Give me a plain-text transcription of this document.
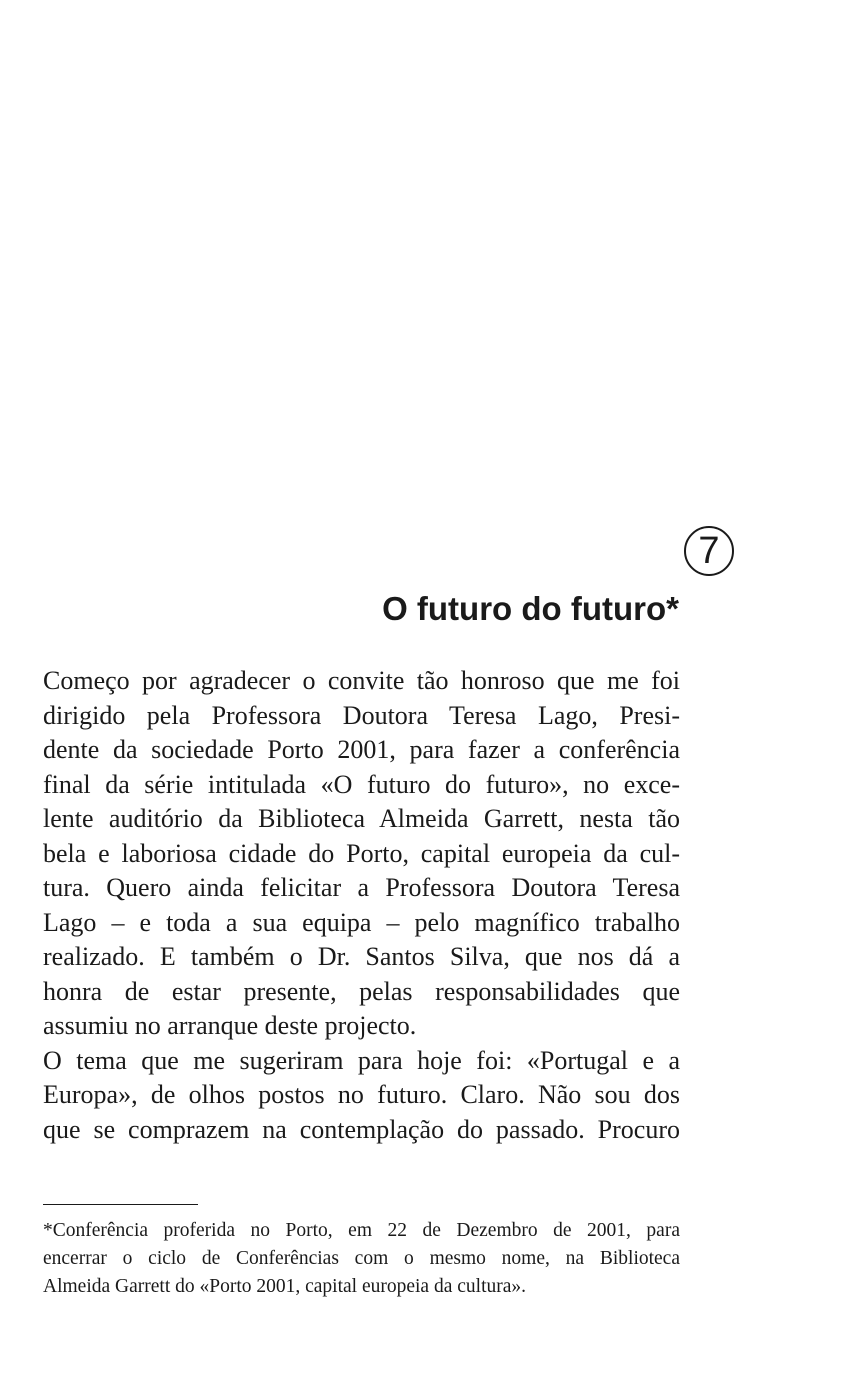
7
O futuro do futuro*
Começo por agradecer o convite tão honroso que me foi
dirigido pela Professora Doutora Teresa Lago, Presi-
dente da sociedade Porto 2001, para fazer a conferência
final da série intitulada «O futuro do futuro», no exce-
lente auditório da Biblioteca Almeida Garrett, nesta tão
bela e laboriosa cidade do Porto, capital europeia da cul-
tura. Quero ainda felicitar a Professora Doutora Teresa
Lago – e toda a sua equipa – pelo magnífico trabalho
realizado. E também o Dr. Santos Silva, que nos dá a
honra de estar presente, pelas responsabilidades que
assumiu no arranque deste projecto.
O tema que me sugeriram para hoje foi: «Portugal e a
Europa», de olhos postos no futuro. Claro. Não sou dos
que se comprazem na contemplação do passado. Procuro
*Conferência proferida no Porto, em 22 de Dezembro de 2001, para
encerrar o ciclo de Conferências com o mesmo nome, na Biblioteca
Almeida Garrett do «Porto 2001, capital europeia da cultura».
